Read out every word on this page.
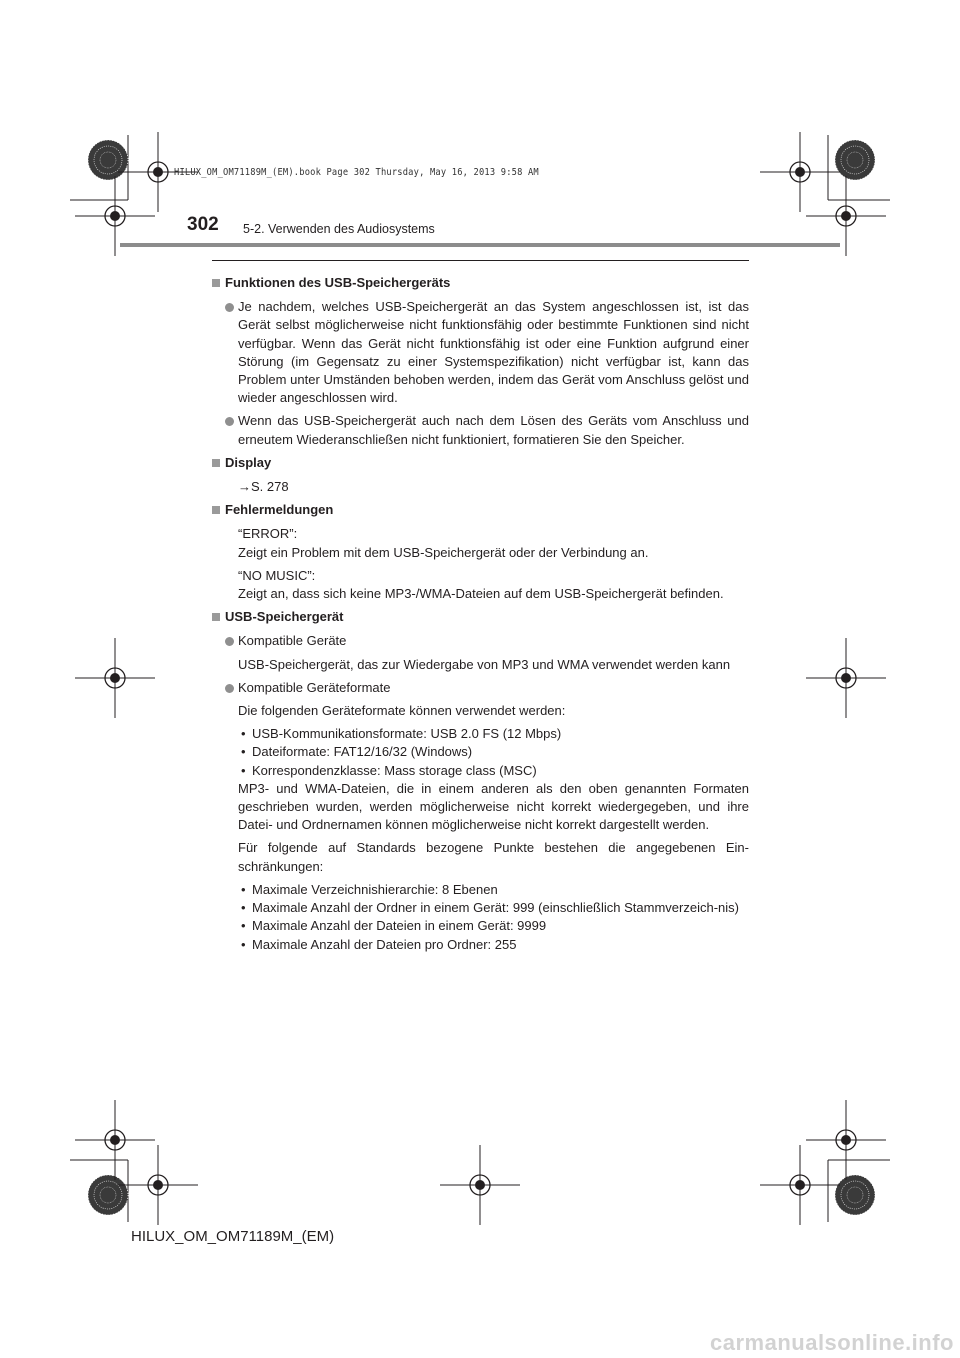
HILUX_OM_OM71189M_(EM).book Page 302 Thursday, May 16, 2013 9:58 AM
302 5-2. Verwenden des Audiosystems
Funktionen des USB-Speichergeräts
Je nachdem, welches USB-Speichergerät an das System angeschlossen ist, ist das Gerät selbst möglicherweise nicht funktionsfähig oder bestimmte Funktionen sind nicht verfügbar. Wenn das Gerät nicht funktionsfähig ist oder eine Funktion aufgrund einer Störung (im Gegensatz zu einer Systemspezifikation) nicht verfügbar ist, kann das Problem unter Umständen behoben werden, indem das Gerät vom Anschluss gelöst und wieder angeschlossen wird.
Wenn das USB-Speichergerät auch nach dem Lösen des Geräts vom Anschluss und erneutem Wiederanschließen nicht funktioniert, formatieren Sie den Speicher.
Display
→S. 278
Fehlermeldungen

“ERROR”:

Zeigt ein Problem mit dem USB-Speichergerät oder der Verbindung an.

“NO MUSIC”:

Zeigt an, dass sich keine MP3-/WMA-Dateien auf dem USB-Speichergerät befinden.

USB-Speichergerät
Kompatible Geräte
USB-Speichergerät, das zur Wiedergabe von MP3 und WMA verwendet werden kann
Kompatible Geräteformate
Die folgenden Geräteformate können verwendet werden:
• USB-Kommunikationsformate: USB 2.0 FS (12 Mbps)
• Dateiformate: FAT12/16/32 (Windows)
• Korrespondenzklasse: Mass storage class (MSC)
MP3- und WMA-Dateien, die in einem anderen als den oben genannten Formaten geschrieben wurden, werden möglicherweise nicht korrekt wiedergegeben, und ihre Datei- und Ordnernamen können möglicherweise nicht korrekt dargestellt werden.
Für folgende auf Standards bezogene Punkte bestehen die angegebenen Ein-schränkungen:
• Maximale Verzeichnishierarchie: 8 Ebenen
• Maximale Anzahl der Ordner in einem Gerät: 999 (einschließlich Stammverzeich-nis)
• Maximale Anzahl der Dateien in einem Gerät: 9999
• Maximale Anzahl der Dateien pro Ordner: 255
HILUX_OM_OM71189M_(EM)
carmanualsonline.info
